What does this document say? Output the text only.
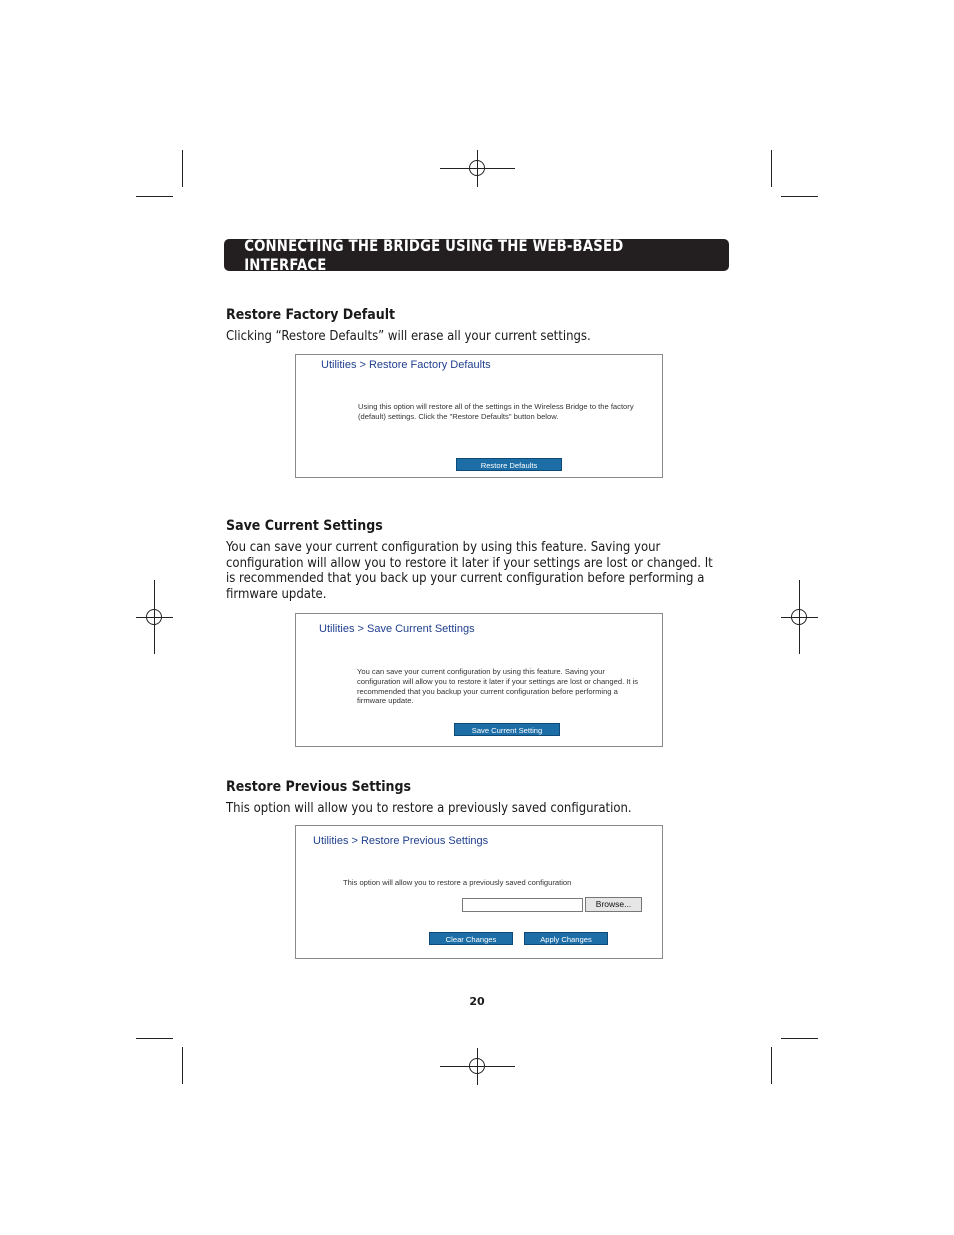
CONNECTING THE BRIDGE USING THE WEB-BASED INTERFACE
Restore Factory Default
Clicking “Restore Defaults” will erase all your current settings.
Utilities > Restore Factory Defaults
Using this option will restore all of the settings in the Wireless Bridge to the factory (default) settings. Click the "Restore Defaults" button below.
Restore Defaults
Save Current Settings
You can save your current configuration by using this feature. Saving your configuration will allow you to restore it later if your settings are lost or changed. It is recommended that you back up your current configuration before performing a firmware update.
Utilities > Save Current Settings
You can save your current configuration by using this feature. Saving your configuration will allow you to restore it later if your settings are lost or changed. It is recommended that you backup your current configuration before performing a firmware update.
Save Current Setting
Restore Previous Settings
This option will allow you to restore a previously saved configuration.
Utilities > Restore Previous Settings
This option will allow you to restore a previously saved configuration
Browse...
Clear Changes	Apply Changes
20
